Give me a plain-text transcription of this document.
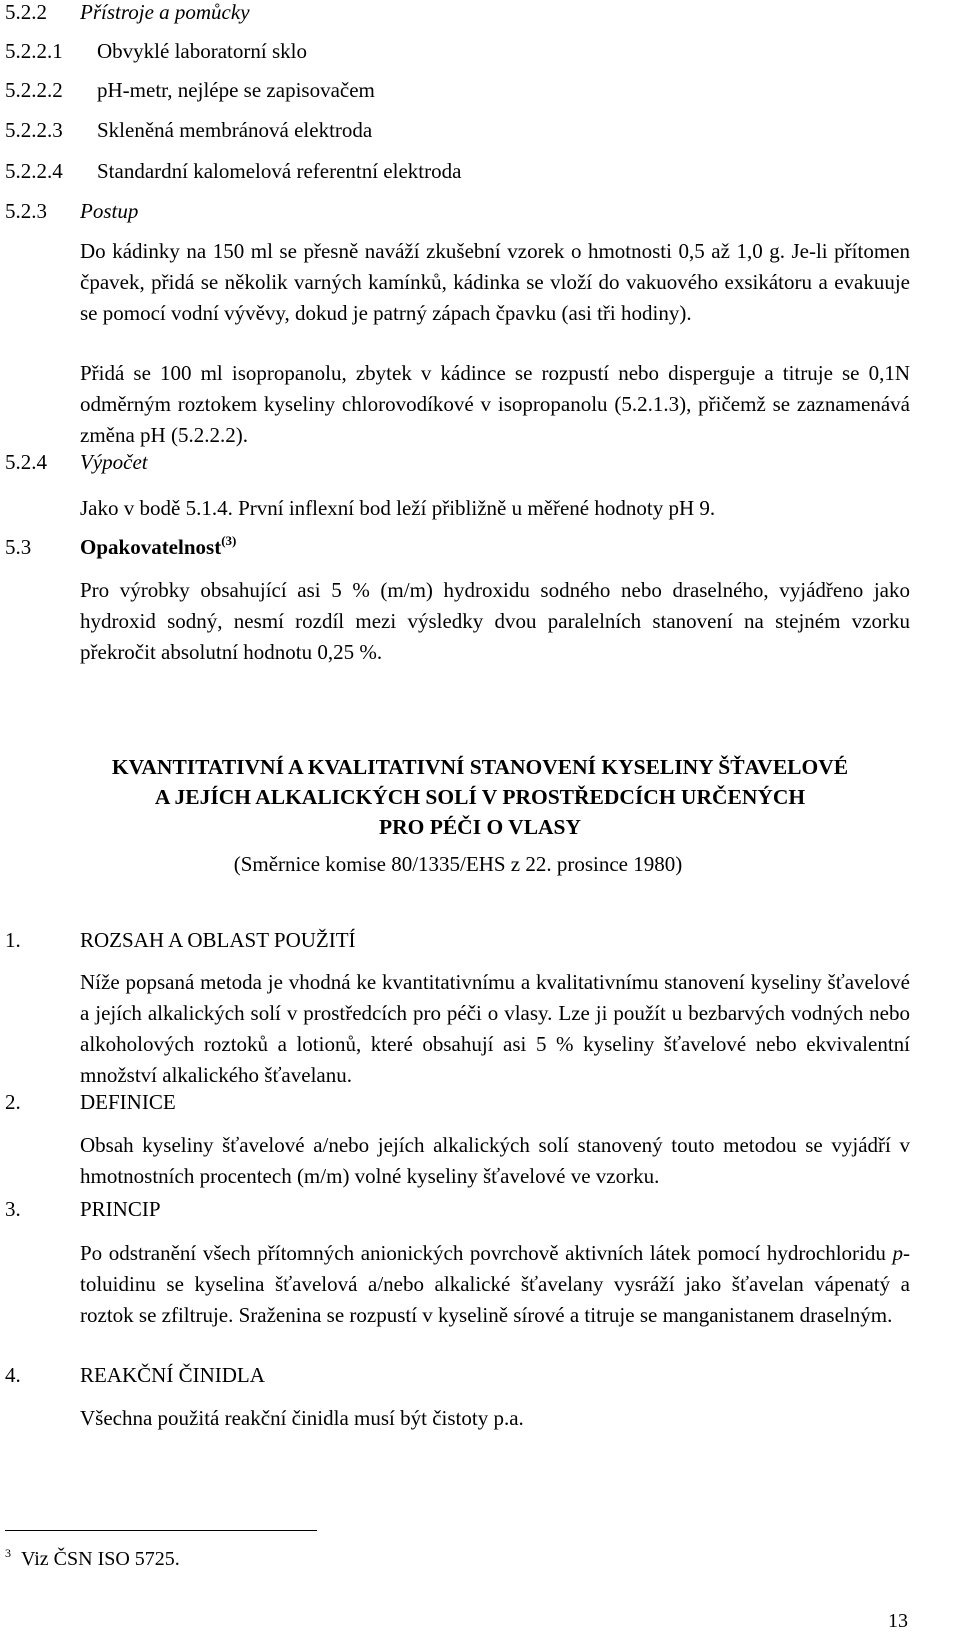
5.2.2 Přístroje a pomůcky
5.2.2.1 Obvyklé laboratorní sklo
5.2.2.2 pH-metr, nejlépe se zapisovačem
5.2.2.3 Skleněná membránová elektroda
5.2.2.4 Standardní kalomelová referentní elektroda
5.2.3 Postup
Do kádinky na 150 ml se přesně naváží zkušební vzorek o hmotnosti 0,5 až 1,0 g. Je-li přítomen čpavek, přidá se několik varných kamínků, kádinka se vloží do vakuového exsikátoru a evakuuje se pomocí vodní vývěvy, dokud je patrný zápach čpavku (asi tři hodiny).
Přidá se 100 ml isopropanolu, zbytek v kádince se rozpustí nebo disperguje a titruje se 0,1N odměrným roztokem kyseliny chlorovodíkové v isopropanolu (5.2.1.3), přičemž se zaznamenává změna pH (5.2.2.2).
5.2.4 Výpočet
Jako v bodě 5.1.4. První inflexní bod leží přibližně u měřené hodnoty pH 9.
5.3 Opakovatelnost$^{(3)}$
Pro výrobky obsahující asi 5 % (m/m) hydroxidu sodného nebo draselného, vyjádřeno jako hydroxid sodný, nesmí rozdíl mezi výsledky dvou paralelních stanovení na stejném vzorku překročit absolutní hodnotu 0,25 %.
KVANTITATIVNÍ A KVALITATIVNÍ STANOVENÍ KYSELINY ŠŤAVELOVÉ
A JEJÍCH ALKALICKÝCH SOLÍ V PROSTŘEDCÍCH URČENÝCH
PRO PÉČI O VLASY
(Směrnice komise 80/1335/EHS z 22. prosince 1980)
1.	ROZSAH A OBLAST POUŽITÍ
Níže popsaná metoda je vhodná ke kvantitativnímu a kvalitativnímu stanovení kyseliny šťavelové a jejích alkalických solí v prostředcích pro péči o vlasy. Lze ji použít u bezbarvých vodných nebo alkoholových roztoků a lotionů, které obsahují asi 5 % kyseliny šťavelové nebo ekvivalentní množství alkalického šťavelanu.
2.	DEFINICE
Obsah kyseliny šťavelové a/nebo jejích alkalických solí stanovený touto metodou se vyjádří v hmotnostních procentech (m/m) volné kyseliny šťavelové ve vzorku.
3.	PRINCIP
Po odstranění všech přítomných anionických povrchově aktivních látek pomocí hydrochloridu p-toluidinu se kyselina šťavelová a/nebo alkalické šťavelany vysráží jako šťavelan vápenatý a roztok se zfiltruje. Sraženina se rozpustí v kyselině sírové a titruje se manganistanem draselným.
4.	REAKČNÍ ČINIDLA
Všechna použitá reakční činidla musí být čistoty p.a.
$^3$ Viz ČSN ISO 5725.
13
